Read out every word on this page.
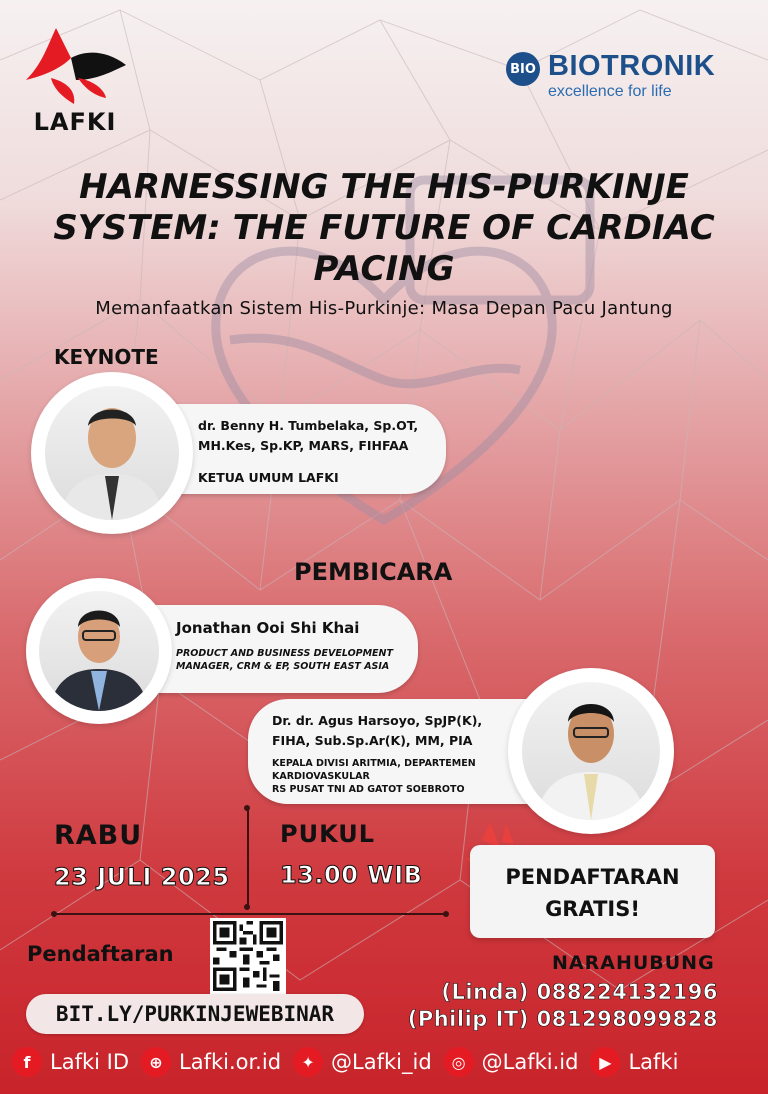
LAFKI
BIO BIOTRONIK
excellence for life
HARNESSING THE HIS-PURKINJE
SYSTEM: THE FUTURE OF CARDIAC
PACING
Memanfaatkan Sistem His-Purkinje: Masa Depan Pacu Jantung
KEYNOTE
dr. Benny H. Tumbelaka, Sp.OT,
MH.Kes, Sp.KP, MARS, FIHFAA
KETUA UMUM LAFKI
PEMBICARA
Jonathan Ooi Shi Khai
PRODUCT AND BUSINESS DEVELOPMENT
MANAGER, CRM & EP, SOUTH EAST ASIA
Dr. dr. Agus Harsoyo, SpJP(K),
FIHA, Sub.Sp.Ar(K), MM, PIA
KEPALA DIVISI ARITMIA, DEPARTEMEN
KARDIOVASKULAR
RS PUSAT TNI AD GATOT SOEBROTO
RABU
23 JULI 2025
PUKUL
13.00 WIB	PENDAFTARAN
GRATIS!
Pendaftaran
BIT.LY/PURKINJEWEBINAR
NARAHUBUNG
(Linda) 088224132196
(Philip IT) 081298099828
f Lafki ID	⊕ Lafki.or.id	✦ @Lafki_id	◎ @Lafki.id	▶ Lafki
